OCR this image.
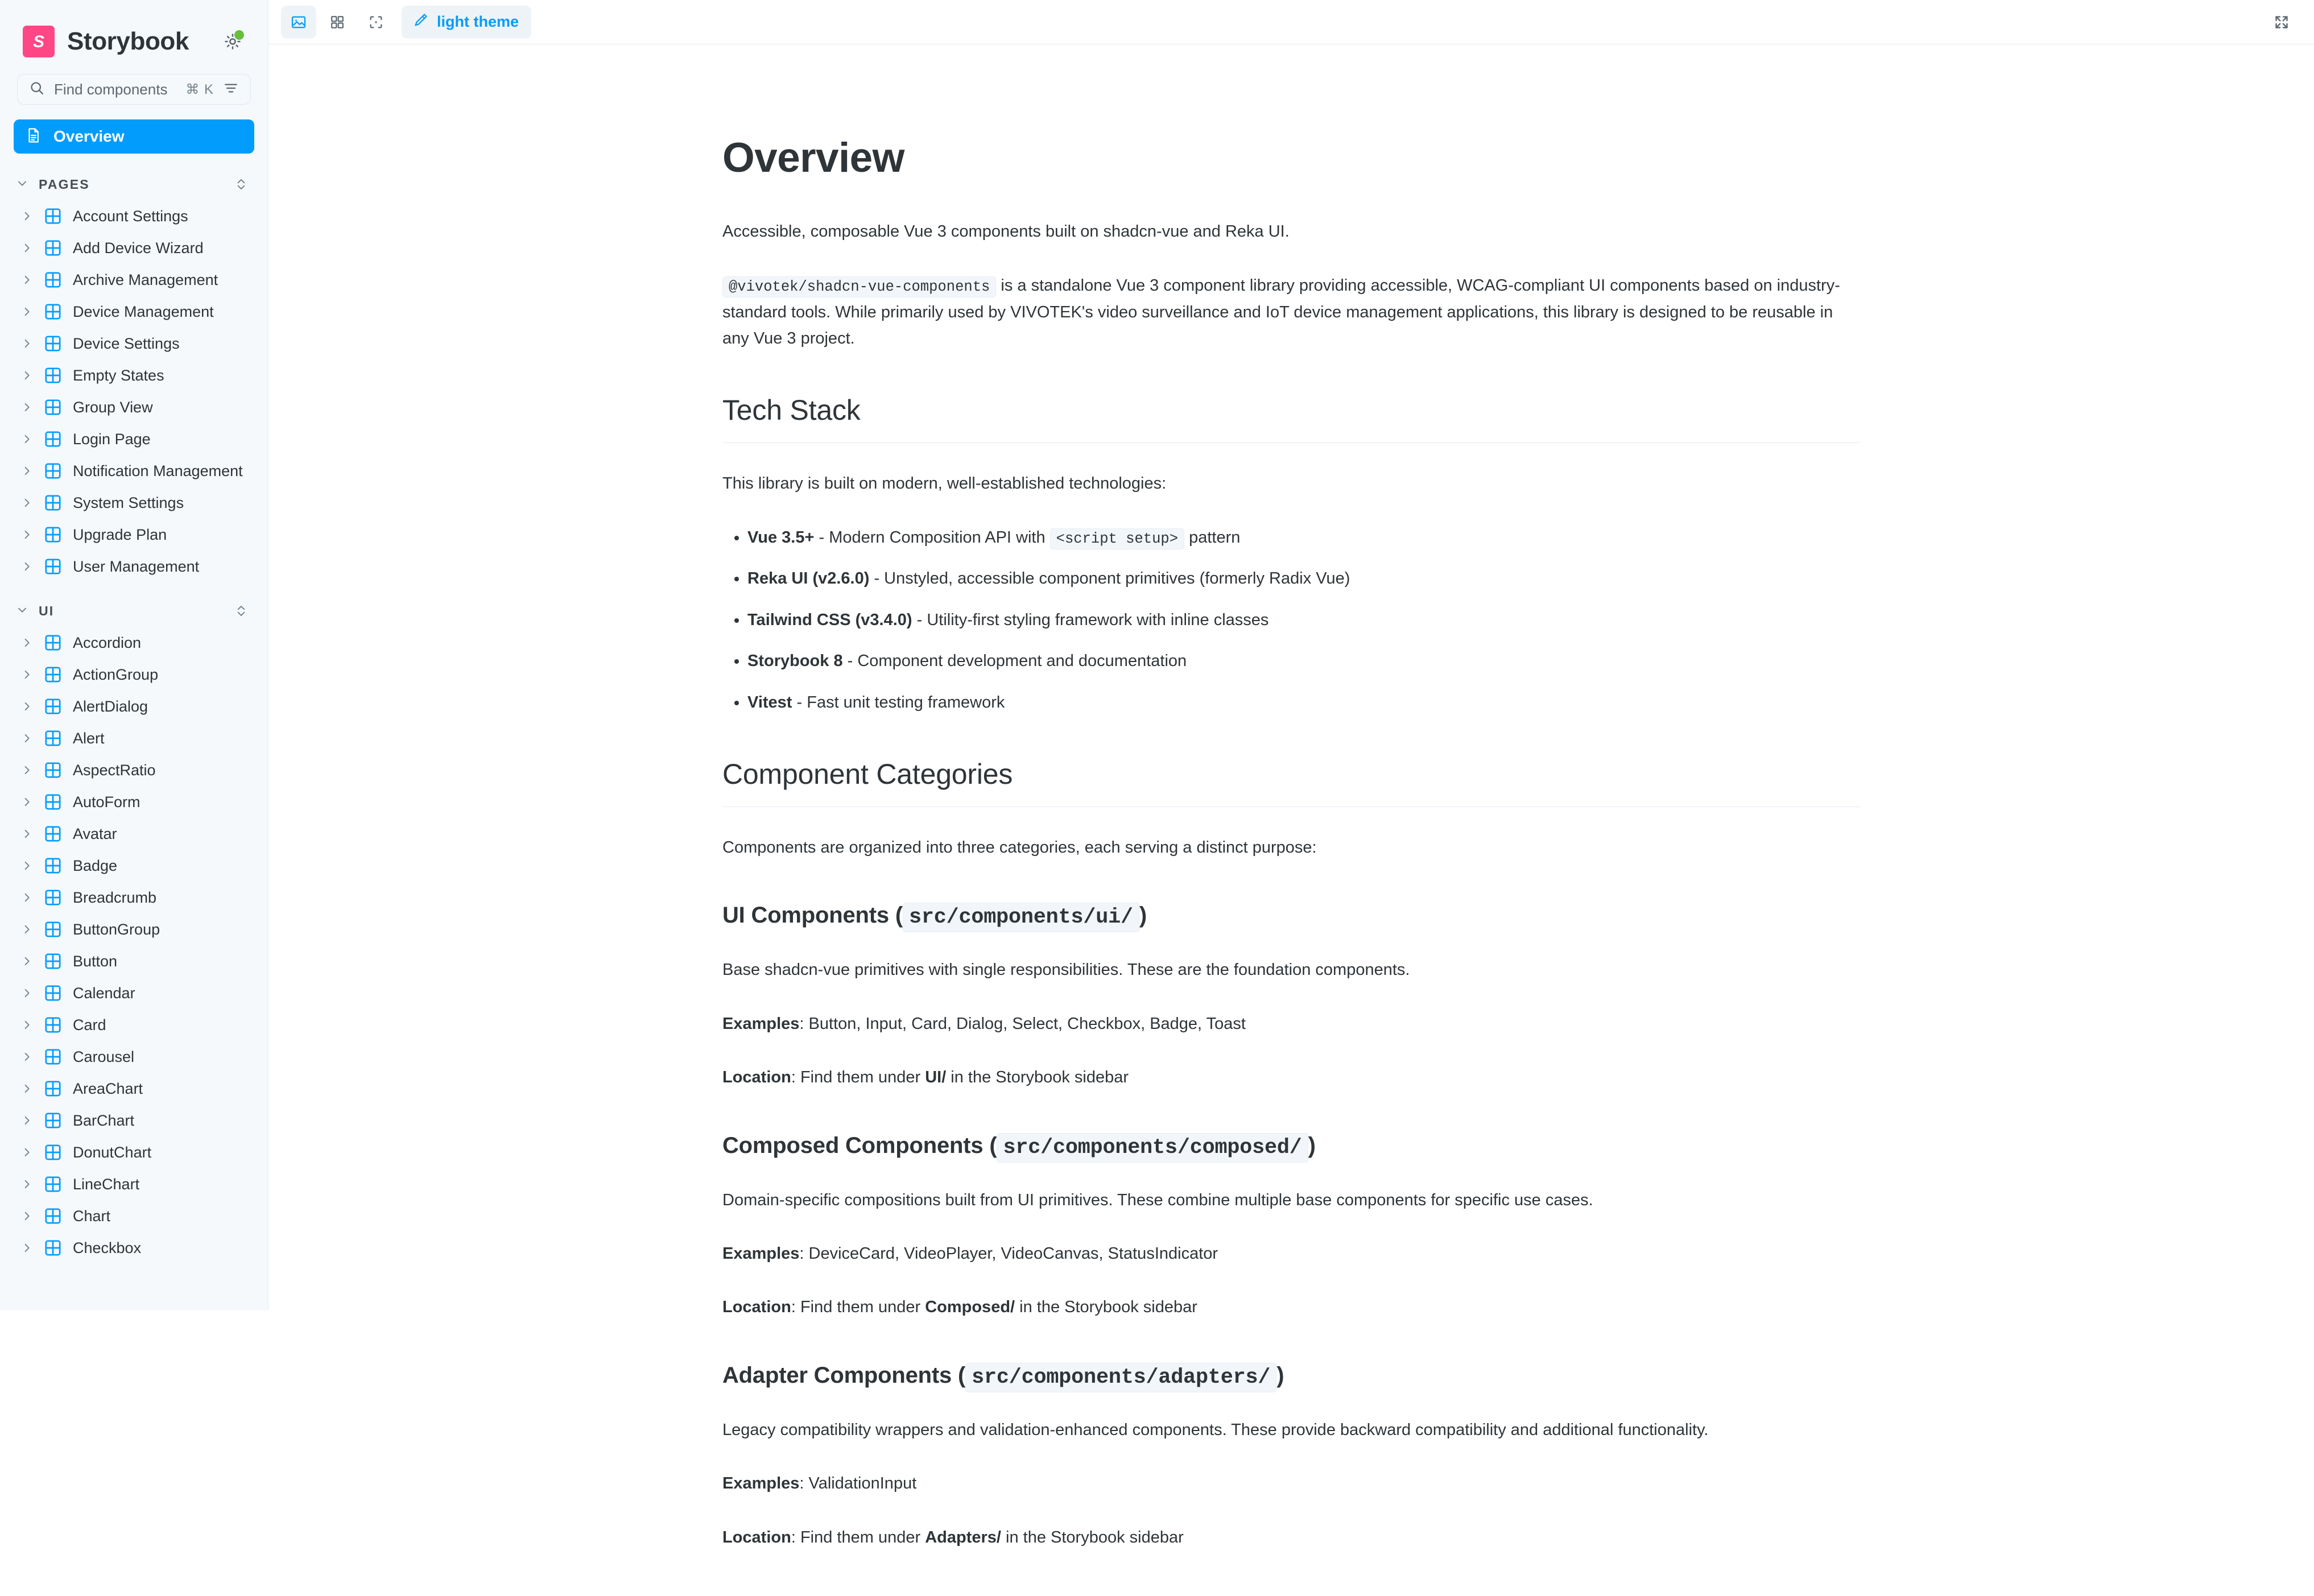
S Storybook
Find components	⌘ K
Overview
PAGES
Account Settings
Add Device Wizard
Archive Management
Device Management
Device Settings
Empty States
Group View
Login Page
Notification Management
System Settings
Upgrade Plan
User Management
UI
Accordion
ActionGroup
AlertDialog
Alert
AspectRatio
AutoForm
Avatar
Badge
Breadcrumb
ButtonGroup
Button
Calendar
Card
Carousel
AreaChart
BarChart
DonutChart
LineChart
Chart
Checkbox
light theme
Overview

Accessible, composable Vue 3 components built on shadcn-vue and Reka UI.

@vivotek/shadcn-vue-components is a standalone Vue 3 component library providing accessible, WCAG-compliant UI components based on industry-standard tools. While primarily used by VIVOTEK's video surveillance and IoT device management applications, this library is designed to be reusable in any Vue 3 project.

Tech Stack

This library is built on modern, well-established technologies:

• Vue 3.5+ - Modern Composition API with <script setup> pattern
• Reka UI (v2.6.0) - Unstyled, accessible component primitives (formerly Radix Vue)
• Tailwind CSS (v3.4.0) - Utility-first styling framework with inline classes
• Storybook 8 - Component development and documentation
• Vitest - Fast unit testing framework
Component Categories

Components are organized into three categories, each serving a distinct purpose:

UI Components ( src/components/ui/ )

Base shadcn-vue primitives with single responsibilities. These are the foundation components.

Examples: Button, Input, Card, Dialog, Select, Checkbox, Badge, Toast

Location: Find them under UI/ in the Storybook sidebar

Composed Components ( src/components/composed/ )

Domain-specific compositions built from UI primitives. These combine multiple base components for specific use cases.

Examples: DeviceCard, VideoPlayer, VideoCanvas, StatusIndicator

Location: Find them under Composed/ in the Storybook sidebar

Adapter Components ( src/components/adapters/ )

Legacy compatibility wrappers and validation-enhanced components. These provide backward compatibility and additional functionality.

Examples: ValidationInput

Location: Find them under Adapters/ in the Storybook sidebar
